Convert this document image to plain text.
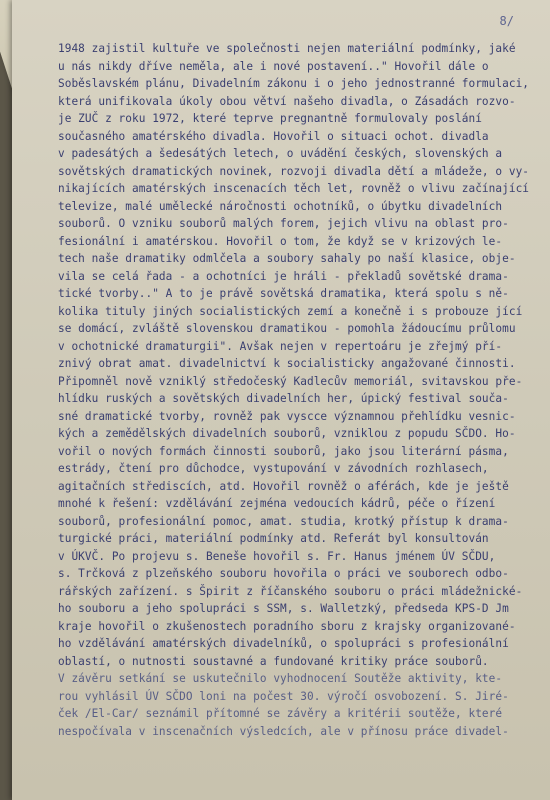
8/
1948 zajistil kultuře ve společnosti nejen materiální podmínky, jaké
u nás nikdy dříve neměla, ale i nové postavení.." Hovořil dále o
Soběslavském plánu, Divadelním zákonu i o jeho jednostranné formulaci,
která unifikovala úkoly obou větví našeho divadla, o Zásadách rozvo-
je ZUČ z roku 1972, které teprve pregnantně formulovaly poslání
současného amatérského divadla. Hovořil o situaci ochot. divadla
v padesátých a šedesátých letech, o uvádění českých, slovenských a
sovětských dramatických novinek, rozvoji divadla dětí a mládeže, o vy-
nikajících amatérských inscenacích těch let, rovněž o vlivu začínající
televize, malé umělecké náročnosti ochotníků, o úbytku divadelních
souborů. O vzniku souborů malých forem, jejich vlivu na oblast pro-
fesionální i amatérskou. Hovořil o tom, že když se v krizových le-
tech naše dramatiky odmlčela a soubory sahaly po naší klasice, obje-
vila se celá řada - a ochotníci je hráli - překladů sovětské drama-
tické tvorby.." A to je právě sovětská dramatika, která spolu s ně-
kolika tituly jiných socialistických zemí a konečně i s probouze jící
se domácí, zvláště slovenskou dramatikou - pomohla žádoucímu průlomu
v ochotnické dramaturgii". Avšak nejen v repertoáru je zřejmý pří-
znivý obrat amat. divadelnictví k socialisticky angažované činnosti.
Připomněl nově vzniklý středočeský Kadlecův memoriál, svitavskou pře-
hlídku ruských a sovětských divadelních her, úpický festival souča-
sné dramatické tvorby, rovněž pak vyscce významnou přehlídku vesnic-
kých a zemědělských divadelních souborů, vzniklou z popudu SČDO. Ho-
vořil o nových formách činnosti souborů, jako jsou literární pásma,
estrády, čtení pro důchodce, vystupování v závodních rozhlasech,
agitačních střediscích, atd. Hovořil rovněž o aférách, kde je ještě
mnohé k řešení: vzdělávání zejména vedoucích kádrů, péče o řízení
souborů, profesionální pomoc, amat. studia, krotký přístup k drama-
turgické práci, materiální podmínky atd. Referát byl konsultován
v ÚKVČ. Po projevu s. Beneše hovořil s. Fr. Hanus jménem ÚV SČDU,
s. Trčková z plzeňského souboru hovořila o práci ve souborech odbo-
rářských zařízení. s Špirit z říčanského souboru o práci mládežnické-
ho souboru a jeho spolupráci s SSM, s. Walletzký, předseda KPS-D Jm
kraje hovořil o zkušenostech poradního sboru z krajsky organizované-
ho vzdělávání amatérských divadelníků, o spolupráci s profesionální
oblastí, o nutnosti soustavné a fundované kritiky práce souborů.
V závěru setkání se uskutečnilo vyhodnocení Soutěže aktivity, kte-
rou vyhlásil ÚV SČDO loni na počest 30. výročí osvobození. S. Jiré-
ček /El-Car/ seznámil přítomné se závěry a kritérii soutěže, které
nespočívala v inscenačních výsledcích, ale v přínosu práce divadel-
